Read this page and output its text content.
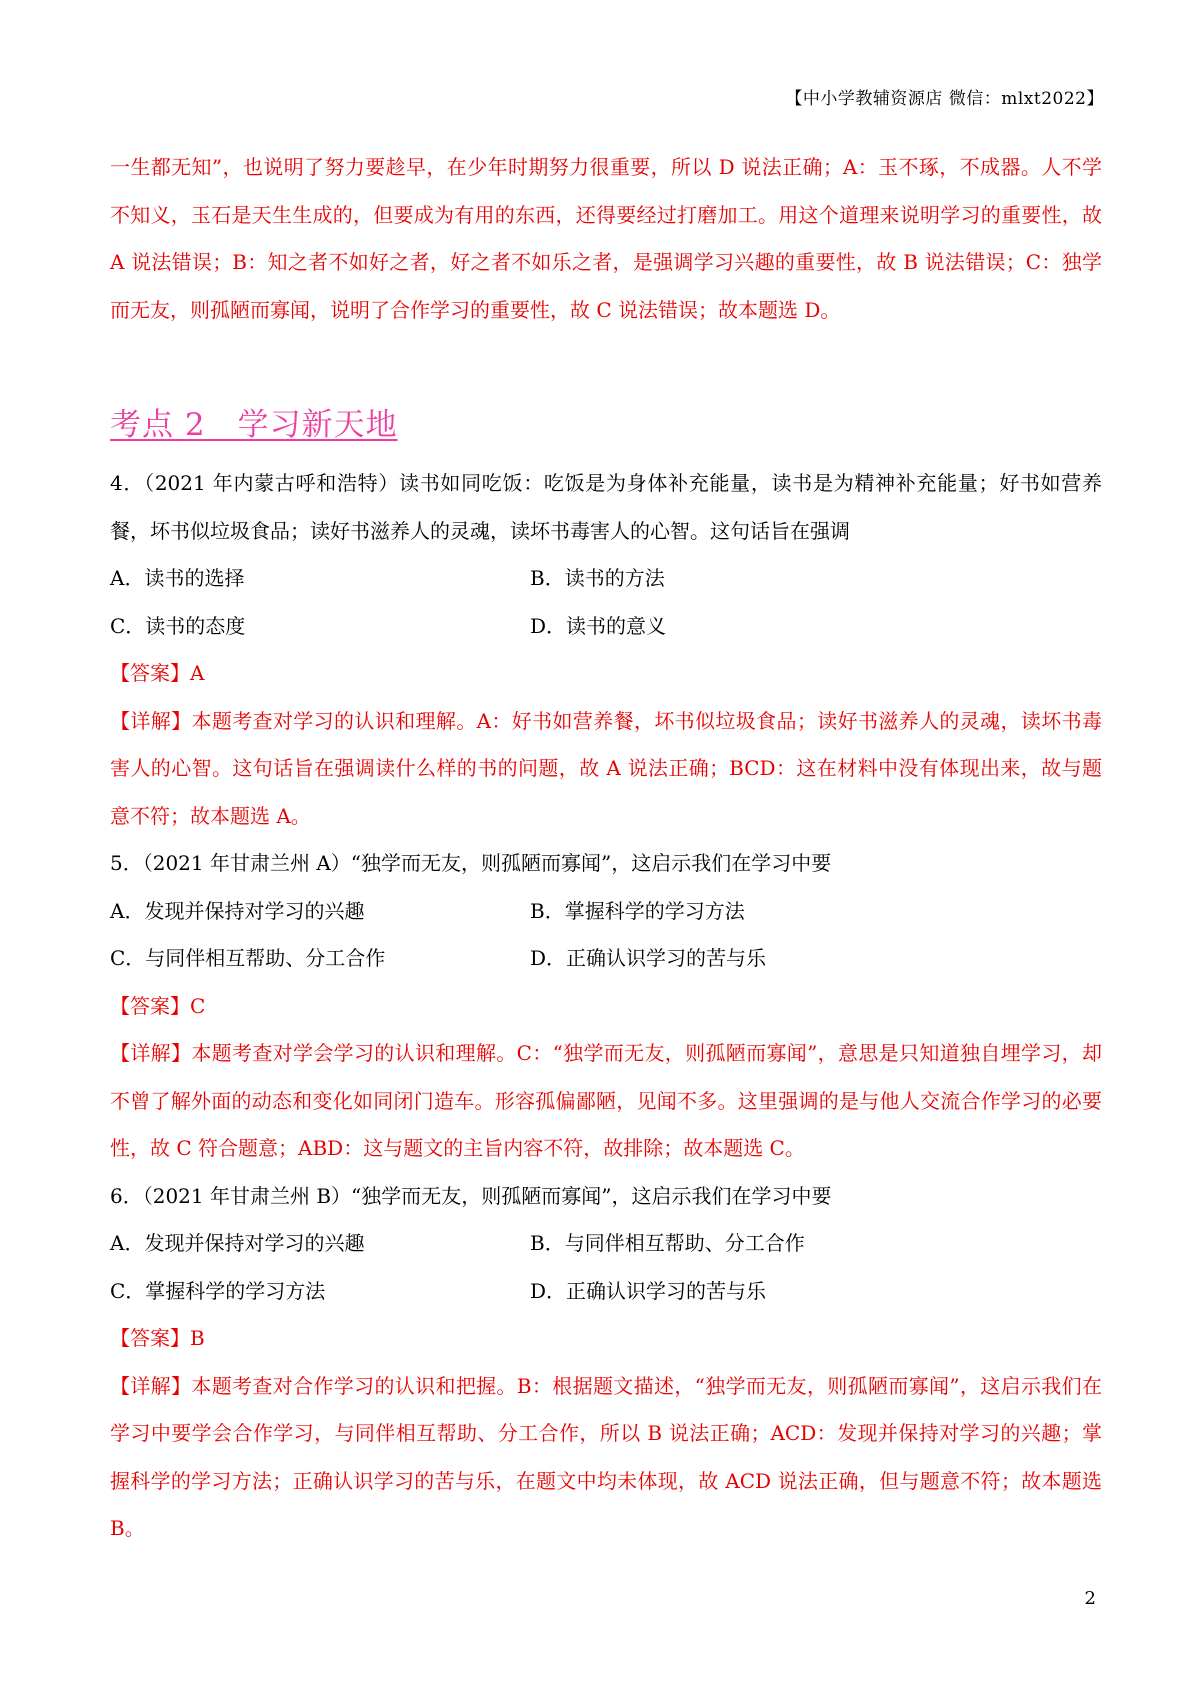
【中小学教辅资源店 微信：mlxt2022】

一生都无知”，也说明了努力要趁早，在少年时期努力很重要，所以 D 说法正确；A：玉不琢，不成器。人不学不知义，玉石是天生生成的，但要成为有用的东西，还得要经过打磨加工。用这个道理来说明学习的重要性，故 A 说法错误；B：知之者不如好之者，好之者不如乐之者，是强调学习兴趣的重要性，故 B 说法错误；C：独学而无友，则孤陋而寡闻，说明了合作学习的重要性，故 C 说法错误；故本题选 D。

考点 2　学习新天地

4．（2021 年内蒙古呼和浩特）读书如同吃饭：吃饭是为身体补充能量，读书是为精神补充能量；好书如营养餐，坏书似垃圾食品；读好书滋养人的灵魂，读坏书毒害人的心智。这句话旨在强调

A．读书的选择	B．读书的方法
C．读书的态度	D．读书的意义

【答案】A

【详解】本题考查对学习的认识和理解。A：好书如营养餐，坏书似垃圾食品；读好书滋养人的灵魂，读坏书毒害人的心智。这句话旨在强调读什么样的书的问题，故 A 说法正确；BCD：这在材料中没有体现出来，故与题意不符；故本题选 A。

5．（2021 年甘肃兰州 A）“独学而无友，则孤陋而寡闻”，这启示我们在学习中要

A．发现并保持对学习的兴趣	B．掌握科学的学习方法
C．与同伴相互帮助、分工合作	D．正确认识学习的苦与乐

【答案】C

【详解】本题考查对学会学习的认识和理解。C：“独学而无友，则孤陋而寡闻”，意思是只知道独自埋学习，却不曾了解外面的动态和变化如同闭门造车。形容孤偏鄙陋，见闻不多。这里强调的是与他人交流合作学习的必要性，故 C 符合题意；ABD：这与题文的主旨内容不符，故排除；故本题选 C。

6．（2021 年甘肃兰州 B）“独学而无友，则孤陋而寡闻”，这启示我们在学习中要

A．发现并保持对学习的兴趣	B．与同伴相互帮助、分工合作
C．掌握科学的学习方法	D．正确认识学习的苦与乐

【答案】B

【详解】本题考查对合作学习的认识和把握。B：根据题文描述，“独学而无友，则孤陋而寡闻”，这启示我们在学习中要学会合作学习，与同伴相互帮助、分工合作，所以 B 说法正确；ACD：发现并保持对学习的兴趣；掌握科学的学习方法；正确认识学习的苦与乐，在题文中均未体现，故 ACD 说法正确，但与题意不符；故本题选 B。

2
